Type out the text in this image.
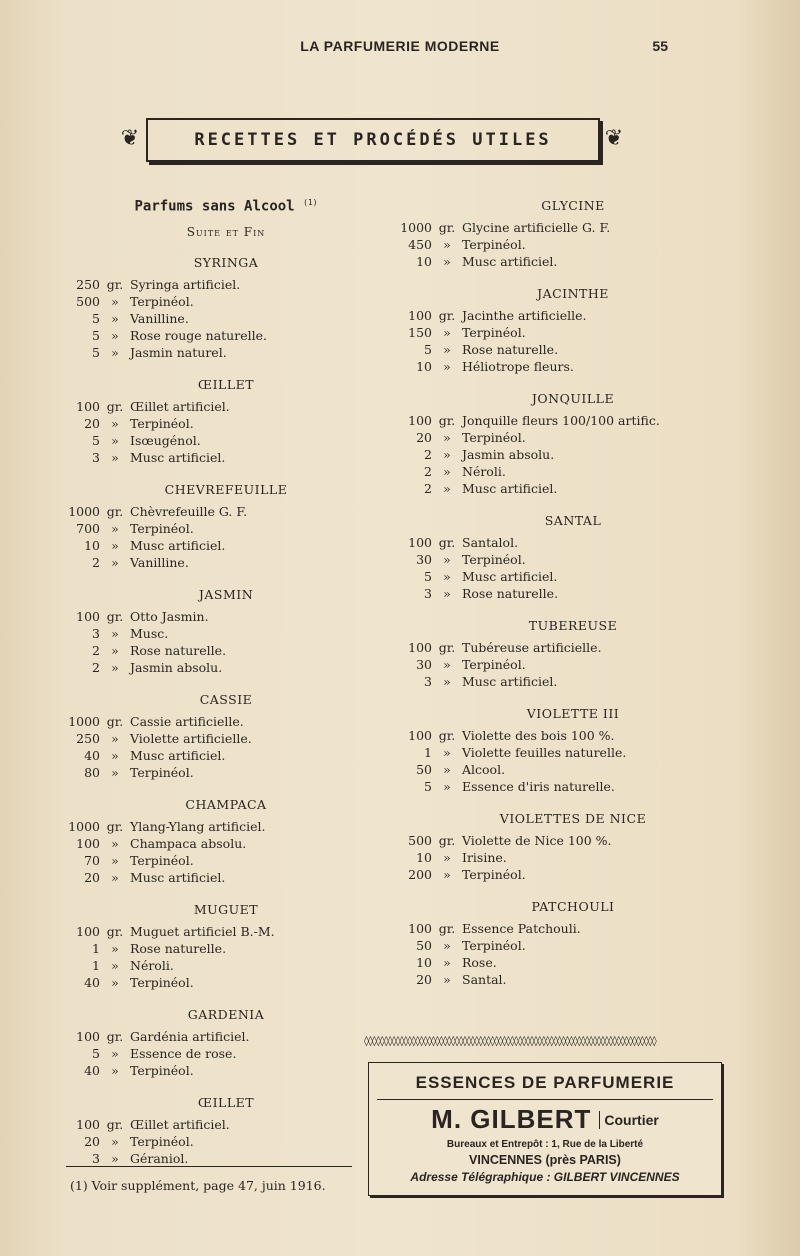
LA PARFUMERIE MODERNE	55
❦	RECETTES ET PROCÉDÉS UTILES	❦
Parfums sans Alcool $^{(1)}$
Suite et Fin
SYRINGA
250 gr. Syringa artificiel.
500 » Terpinéol.
5 » Vanilline.
5 » Rose rouge naturelle.
5 » Jasmin naturel.
ŒILLET
100 gr. Œillet artificiel.
20 » Terpinéol.
5 » Isœugénol.
3 » Musc artificiel.
CHEVREFEUILLE
1000 gr. Chèvrefeuille G. F.
700 » Terpinéol.
10 » Musc artificiel.
2 » Vanilline.
JASMIN
100 gr. Otto Jasmin.
3 » Musc.
2 » Rose naturelle.
2 » Jasmin absolu.
CASSIE
1000 gr. Cassie artificielle.
250 » Violette artificielle.
40 » Musc artificiel.
80 » Terpinéol.
CHAMPACA
1000 gr. Ylang-Ylang artificiel.
100 » Champaca absolu.
70 » Terpinéol.
20 » Musc artificiel.
MUGUET
100 gr. Muguet artificiel B.-M.
1 » Rose naturelle.
1 » Néroli.
40 » Terpinéol.
GARDENIA
100 gr. Gardénia artificiel.
5 » Essence de rose.
40 » Terpinéol.
ŒILLET
100 gr. Œillet artificiel.
20 » Terpinéol.
3 » Géraniol.
GLYCINE
1000 gr. Glycine artificielle G. F.
450 » Terpinéol.
10 » Musc artificiel.
JACINTHE
100 gr. Jacinthe artificielle.
150 » Terpinéol.
5 » Rose naturelle.
10 » Héliotrope fleurs.
JONQUILLE
100 gr. Jonquille fleurs 100/100 artific.
20 » Terpinéol.
2 » Jasmin absolu.
2 » Néroli.
2 » Musc artificiel.
SANTAL
100 gr. Santalol.
30 » Terpinéol.
5 » Musc artificiel.
3 » Rose naturelle.
TUBEREUSE
100 gr. Tubéreuse artificielle.
30 » Terpinéol.
3 » Musc artificiel.
VIOLETTE III
100 gr. Violette des bois 100 %.
1 » Violette feuilles naturelle.
50 » Alcool.
5 » Essence d'iris naturelle.
VIOLETTES DE NICE
500 gr. Violette de Nice 100 %.
10 » Irisine.
200 » Terpinéol.
PATCHOULI
100 gr. Essence Patchouli.
50 » Terpinéol.
10 » Rose.
20 » Santal.
(1) Voir supplément, page 47, juin 1916.
◊◊◊◊◊◊◊◊◊◊◊◊◊◊◊◊◊◊◊◊◊◊◊◊◊◊◊◊◊◊◊◊◊◊◊◊◊◊◊◊◊◊◊◊◊◊◊◊◊◊◊◊◊◊◊◊◊◊◊◊◊◊◊◊◊◊◊◊◊◊◊◊◊◊
ESSENCES DE PARFUMERIE
M. GILBERT Courtier
Bureaux et Entrepôt : 1, Rue de la Liberté
VINCENNES (près PARIS)
Adresse Télégraphique : GILBERT VINCENNES
